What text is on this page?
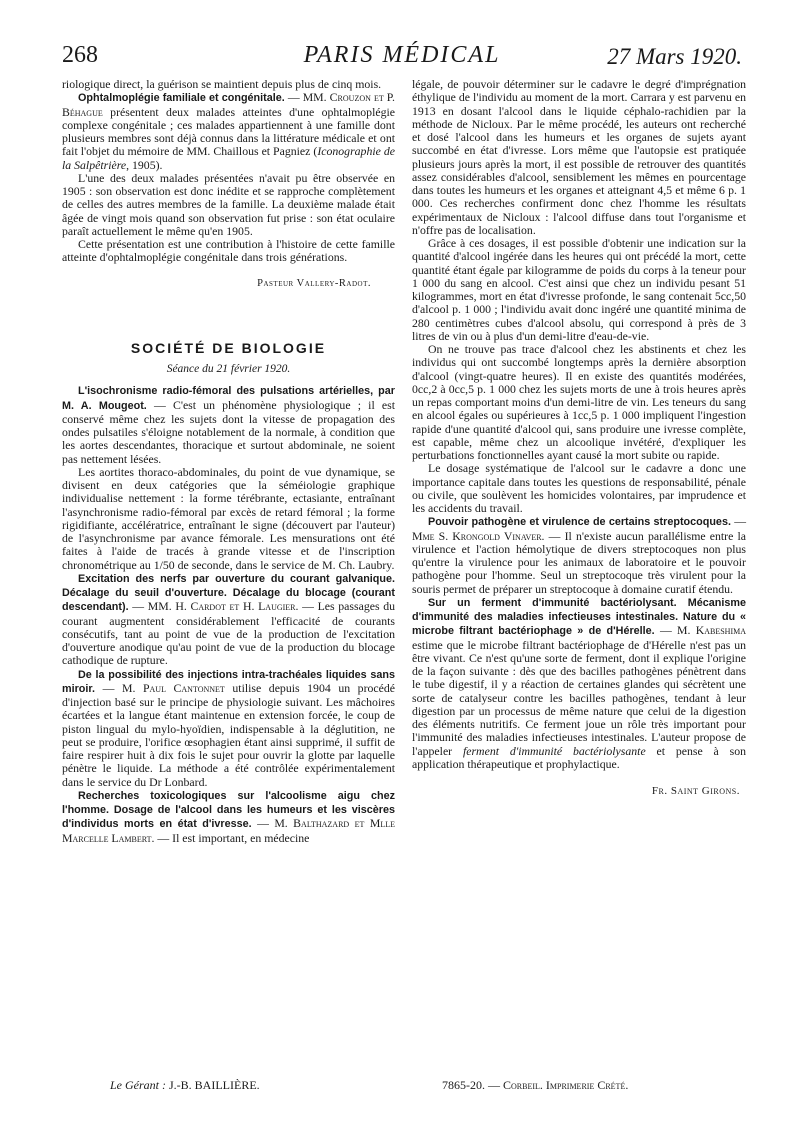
268	PARIS MÉDICAL	27 Mars 1920.

riologique direct, la guérison se maintient depuis plus de cinq mois.

Ophtalmoplégie familiale et congénitale. — MM. Crouzon et P. Béhague présentent deux malades atteintes d'une ophtalmoplégie complexe congénitale ; ces malades appartiennent à une famille dont plusieurs membres sont déjà connus dans la littérature médicale et ont fait l'objet du mémoire de MM. Chaillous et Pagniez (Iconographie de la Salpêtrière, 1905).

L'une des deux malades présentées n'avait pu être observée en 1905 : son observation est donc inédite et se rapproche complètement de celles des autres membres de la famille. La deuxième malade était âgée de vingt mois quand son observation fut prise : son état oculaire paraît actuellement le même qu'en 1905.

Cette présentation est une contribution à l'histoire de cette famille atteinte d'ophtalmoplégie congénitale dans trois générations.

Pasteur Vallery-Radot.
SOCIÉTÉ DE BIOLOGIE
Séance du 21 février 1920.

L'isochronisme radio-fémoral des pulsations artérielles, par M. A. Mougeot. — C'est un phénomène physiologique ; il est conservé même chez les sujets dont la vitesse de propagation des ondes pulsatiles s'éloigne notablement de la normale, à condition que les aortes descendantes, thoracique et surtout abdominale, ne soient pas nettement lésées.

Les aortites thoraco-abdominales, du point de vue dynamique, se divisent en deux catégories que la séméiologie graphique individualise nettement : la forme térébrante, ectasiante, entraînant l'asynchronisme radio-fémoral par excès de retard fémoral ; la forme rigidifiante, accélératrice, entraînant le signe (découvert par l'auteur) de l'asynchronisme par avance fémorale. Les mensurations ont été faites à l'aide de tracés à grande vitesse et de l'inscription chronométrique au 1/50 de seconde, dans le service de M. Ch. Laubry.

Excitation des nerfs par ouverture du courant galvanique. Décalage du seuil d'ouverture. Décalage du blocage (courant descendant). — MM. H. Cardot et H. Laugier. — Les passages du courant augmentent considérablement l'efficacité de courants consécutifs, tant au point de vue de la production de l'excitation d'ouverture anodique qu'au point de vue de la production du blocage cathodique de rupture.

De la possibilité des injections intra-trachéales liquides sans miroir. — M. Paul Cantonnet utilise depuis 1904 un procédé d'injection basé sur le principe de physiologie suivant. Les mâchoires écartées et la langue étant maintenue en extension forcée, le coup de piston lingual du mylo-hyoïdien, indispensable à la déglutition, ne peut se produire, l'orifice œsophagien étant ainsi supprimé, il suffit de faire respirer huit à dix fois le sujet pour ouvrir la glotte par laquelle pénètre le liquide. La méthode a été contrôlée expérimentalement dans le service du Dr Lonbard.

Recherches toxicologiques sur l'alcoolisme aigu chez l'homme. Dosage de l'alcool dans les humeurs et les viscères d'individus morts en état d'ivresse. — M. Balthazard et Mlle Marcelle Lambert. — Il est important, en médecine

légale, de pouvoir déterminer sur le cadavre le degré d'imprégnation éthylique de l'individu au moment de la mort. Carrara y est parvenu en 1913 en dosant l'alcool dans le liquide céphalo-rachidien par la méthode de Nicloux. Par le même procédé, les auteurs ont recherché et dosé l'alcool dans les humeurs et les organes de sujets ayant succombé en état d'ivresse. Lors même que l'autopsie est pratiquée plusieurs jours après la mort, il est possible de retrouver des quantités assez considérables d'alcool, sensiblement les mêmes en pourcentage dans toutes les humeurs et les organes et atteignant 4,5 et même 6 p. 1 000. Ces recherches confirment donc chez l'homme les résultats expérimentaux de Nicloux : l'alcool diffuse dans tout l'organisme et n'offre pas de localisation.

Grâce à ces dosages, il est possible d'obtenir une indication sur la quantité d'alcool ingérée dans les heures qui ont précédé la mort, cette quantité étant égale par kilogramme de poids du corps à la teneur pour 1 000 du sang en alcool. C'est ainsi que chez un individu pesant 51 kilogrammes, mort en état d'ivresse profonde, le sang contenait 5cc,50 d'alcool p. 1 000 ; l'individu avait donc ingéré une quantité minima de 280 centimètres cubes d'alcool absolu, qui correspond à près de 3 litres de vin ou à plus d'un demi-litre d'eau-de-vie.

On ne trouve pas trace d'alcool chez les abstinents et chez les individus qui ont succombé longtemps après la dernière absorption d'alcool (vingt-quatre heures). Il en existe des quantités modérées, 0cc,2 à 0cc,5 p. 1 000 chez les sujets morts de une à trois heures après un repas comportant moins d'un demi-litre de vin. Les teneurs du sang en alcool égales ou supérieures à 1cc,5 p. 1 000 impliquent l'ingestion rapide d'une quantité d'alcool qui, sans produire une ivresse complète, est capable, même chez un alcoolique invétéré, d'expliquer les perturbations fonctionnelles ayant causé la mort subite ou rapide.

Le dosage systématique de l'alcool sur le cadavre a donc une importance capitale dans toutes les questions de responsabilité, pénale ou civile, que soulèvent les homicides volontaires, par imprudence et les accidents du travail.

Pouvoir pathogène et virulence de certains streptocoques. — Mme S. Krongold Vinaver. — Il n'existe aucun parallélisme entre la virulence et l'action hémolytique de divers streptocoques non plus qu'entre la virulence pour les animaux de laboratoire et le pouvoir pathogène pour l'homme. Seul un streptocoque très virulent pour la souris permet de préparer un streptocoque à domaine curatif étendu.

Sur un ferment d'immunité bactériolysant. Mécanisme d'immunité des maladies infectieuses intestinales. Nature du « microbe filtrant bactériophage » de d'Hérelle. — M. Kabeshima estime que le microbe filtrant bactériophage de d'Hérelle n'est pas un être vivant. Ce n'est qu'une sorte de ferment, dont il explique l'origine de la façon suivante : dès que des bacilles pathogènes pénètrent dans le tube digestif, il y a réaction de certaines glandes qui sécrètent une sorte de catalyseur contre les bacilles pathogènes, tendant à leur digestion par un processus de même nature que celui de la digestion des éléments nutritifs. Ce ferment joue un rôle très important pour l'immunité des maladies infectieuses intestinales. L'auteur propose de l'appeler ferment d'immunité bactériolysante et pense à son application thérapeutique et prophylactique.

Fr. Saint Girons.
Le Gérant : J.-B. BAILLIÈRE.	7865-20. — Corbeil. Imprimerie Crété.
